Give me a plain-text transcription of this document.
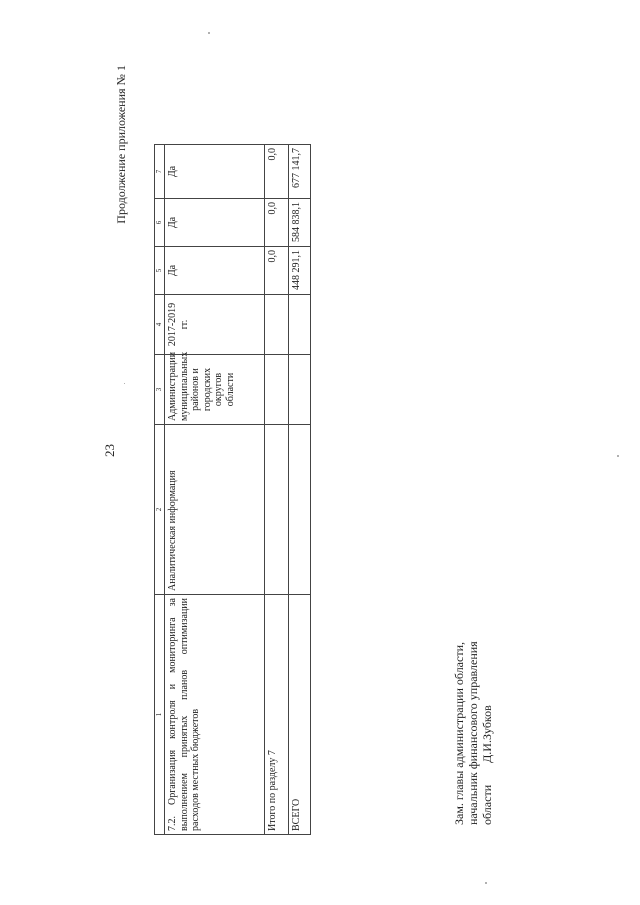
23
Продолжение приложения № 1
1	2	3	4	5	6	7
7.2. Организация контроля и мониторинга за выполнением принятых планов оптимизации расходов местных бюджетов	Аналитическая информация	Администрации муниципальных районов и городских округов области	2017-2019 гг.	Да	Да	Да
Итого по разделу 7				0,0	0,0	0,0
ВСЕГО				448 291,1	584 838,1	677 141,7
Зам. главы администрации области, начальник финансового управления областиД.И.Зубков
